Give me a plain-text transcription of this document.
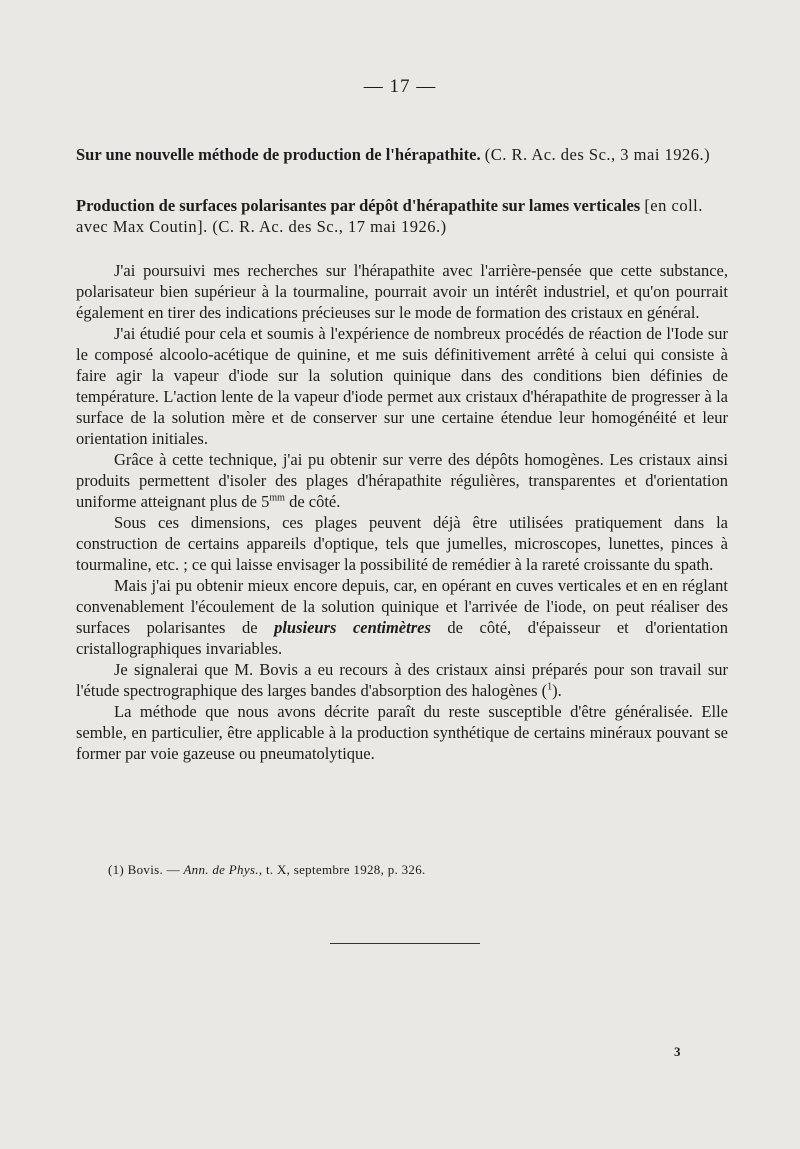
— 17 —
Sur une nouvelle méthode de production de l'hérapathite. (C. R. Ac. des Sc., 3 mai 1926.)
Production de surfaces polarisantes par dépôt d'hérapathite sur lames verticales [en coll. avec Max Coutin]. (C. R. Ac. des Sc., 17 mai 1926.)

J'ai poursuivi mes recherches sur l'hérapathite avec l'arrière-pensée que cette substance, polarisateur bien supérieur à la tourmaline, pourrait avoir un intérêt industriel, et qu'on pourrait également en tirer des indications précieuses sur le mode de formation des cristaux en général.

J'ai étudié pour cela et soumis à l'expérience de nombreux procédés de réaction de l'Iode sur le composé alcoolo-acétique de quinine, et me suis définitivement arrêté à celui qui consiste à faire agir la vapeur d'iode sur la solution quinique dans des conditions bien définies de température. L'action lente de la vapeur d'iode permet aux cristaux d'hérapathite de progresser à la surface de la solution mère et de conserver sur une certaine étendue leur homogénéité et leur orientation initiales.

Grâce à cette technique, j'ai pu obtenir sur verre des dépôts homogènes. Les cristaux ainsi produits permettent d'isoler des plages d'hérapathite régulières, transparentes et d'orientation uniforme atteignant plus de $5^{mm}$ de côté.

Sous ces dimensions, ces plages peuvent déjà être utilisées pratiquement dans la construction de certains appareils d'optique, tels que jumelles, microscopes, lunettes, pinces à tourmaline, etc. ; ce qui laisse envisager la possibilité de remédier à la rareté croissante du spath.

Mais j'ai pu obtenir mieux encore depuis, car, en opérant en cuves verticales et en en réglant convenablement l'écoulement de la solution quinique et l'arrivée de l'iode, on peut réaliser des surfaces polarisantes de plusieurs centimètres de côté, d'épaisseur et d'orientation cristallographiques invariables.

Je signalerai que M. Bovis a eu recours à des cristaux ainsi préparés pour son travail sur l'étude spectrographique des larges bandes d'absorption des halogènes ($^1$).

La méthode que nous avons décrite paraît du reste susceptible d'être généralisée. Elle semble, en particulier, être applicable à la production synthétique de certains minéraux pouvant se former par voie gazeuse ou pneumatolytique.

(1) Bovis. — Ann. de Phys., t. X, septembre 1928, p. 326.
3
